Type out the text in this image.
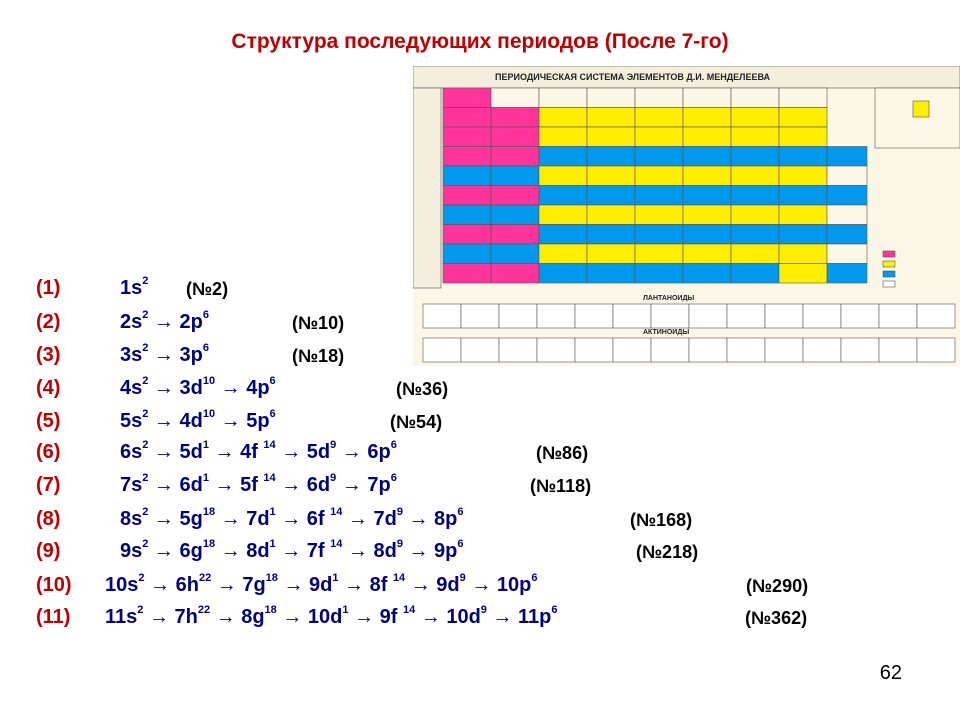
Структура последующих периодов (После 7-го)
ПЕРИОДИЧЕСКАЯ СИСТЕМА ЭЛЕМЕНТОВ Д.И. МЕНДЕЛЕЕВА
ЛАНТАНОИДЫ
АКТИНОИДЫ
(1)	$1s^2$ (№2)
(2)	$2s^2 \to 2p^6$	(№10)
(3)	$3s^2 \to 3p^6$	(№18)
(4)	$4s^2 \to 3d^{10} \to 4p^6$	(№36)
(5)	$5s^2 \to 4d^{10} \to 5p^6$	(№54)
(6)	$6s^2 \to 5d^1 \to 4f$ $^{14} \to 5d^9 \to 6p^6$	(№86)
(7)	$7s^2 \to 6d^1 \to 5f$ $^{14} \to 6d^9 \to 7p^6$	(№118)
(8)	$8s^2 \to 5g^{18} \to 7d^1 \to 6f$ $^{14} \to 7d^9 \to 8p^6$	(№168)
(9)	$9s^2 \to 6g^{18} \to 8d^1 \to 7f$ $^{14} \to 8d^9 \to 9p^6$	(№218)
(10) $10s^2 \to 6h^{22} \to 7g^{18} \to 9d^1 \to 8f$ $^{14} \to 9d^9 \to 10p^6$	(№290)
(11) $11s^2 \to 7h^{22} \to 8g^{18} \to 10d^1 \to 9f$ $^{14} \to 10d^9 \to 11p^6$	(№362)
62
